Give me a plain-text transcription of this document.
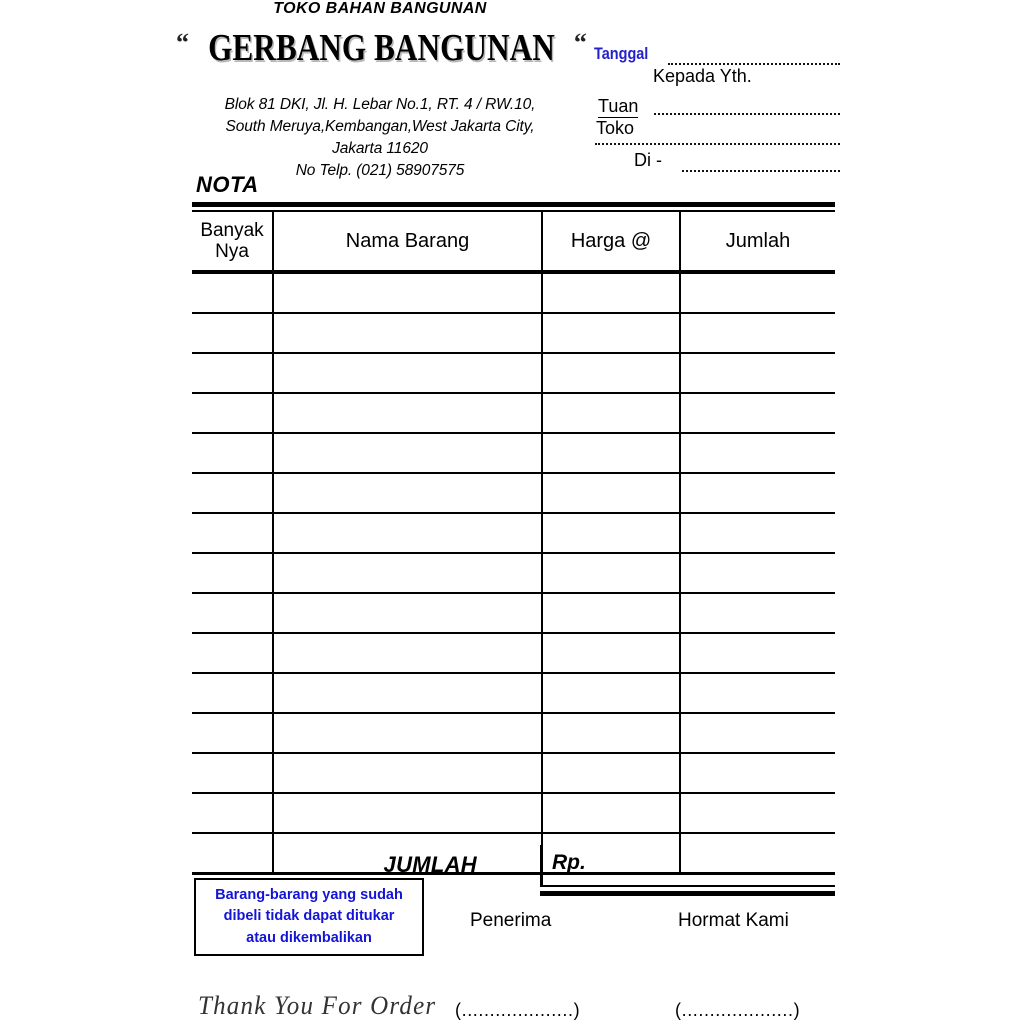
TOKO BAHAN BANGUNAN
“ GERBANG BANGUNAN “
Blok 81 DKI, Jl. H. Lebar No.1, RT. 4 / RW.10,
South Meruya,Kembangan,West Jakarta City,
Jakarta 11620
No Telp. (021) 58907575
NOTA
Tanggal
Kepada Yth.
Tuan
Toko
Di -
Banyak
Nya	Nama Barang	Harga @	Jumlah

JUMLAH	Rp.
Barang-barang yang sudah
dibeli tidak dapat ditukar
atau dikembalikan
Penerima	Hormat Kami
Thank You For Order (....................)	(....................)
